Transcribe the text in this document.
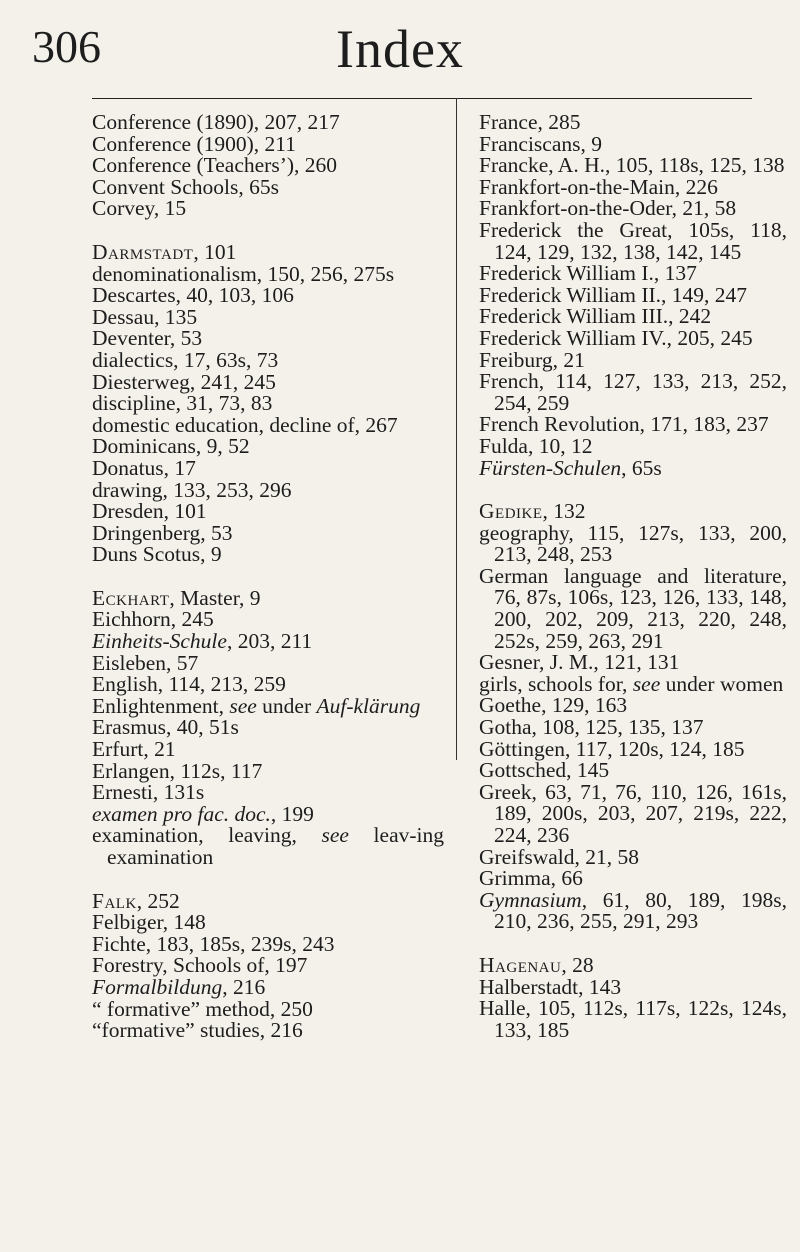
306	Index

Conference (1890), 207, 217

Conference (1900), 211

Conference (Teachers’), 260

Convent Schools, 65s

Corvey, 15

Darmstadt, 101

denominationalism, 150, 256, 275s

Descartes, 40, 103, 106

Dessau, 135

Deventer, 53

dialectics, 17, 63s, 73

Diesterweg, 241, 245

discipline, 31, 73, 83

domestic education, decline of, 267

Dominicans, 9, 52

Donatus, 17

drawing, 133, 253, 296

Dresden, 101

Dringenberg, 53

Duns Scotus, 9

Eckhart, Master, 9

Eichhorn, 245

Einheits-Schule, 203, 211

Eisleben, 57

English, 114, 213, 259

Enlightenment, see under Auf-klärung

Erasmus, 40, 51s

Erfurt, 21

Erlangen, 112s, 117

Ernesti, 131s

examen pro fac. doc., 199

examination, leaving, see leav-ing examination

Falk, 252

Felbiger, 148

Fichte, 183, 185s, 239s, 243

Forestry, Schools of, 197

Formalbildung, 216

“ formative” method, 250

“formative” studies, 216

France, 285

Franciscans, 9

Francke, A. H., 105, 118s, 125, 138

Frankfort-on-the-Main, 226

Frankfort-on-the-Oder, 21, 58

Frederick the Great, 105s, 118, 124, 129, 132, 138, 142, 145

Frederick William I., 137

Frederick William II., 149, 247

Frederick William III., 242

Frederick William IV., 205, 245

Freiburg, 21

French, 114, 127, 133, 213, 252, 254, 259

French Revolution, 171, 183, 237

Fulda, 10, 12

Fürsten-Schulen, 65s

Gedike, 132

geography, 115, 127s, 133, 200, 213, 248, 253

German language and literature, 76, 87s, 106s, 123, 126, 133, 148, 200, 202, 209, 213, 220, 248, 252s, 259, 263, 291

Gesner, J. M., 121, 131

girls, schools for, see under women

Goethe, 129, 163

Gotha, 108, 125, 135, 137

Göttingen, 117, 120s, 124, 185

Gottsched, 145

Greek, 63, 71, 76, 110, 126, 161s, 189, 200s, 203, 207, 219s, 222, 224, 236

Greifswald, 21, 58

Grimma, 66

Gymnasium, 61, 80, 189, 198s, 210, 236, 255, 291, 293

Hagenau, 28

Halberstadt, 143

Halle, 105, 112s, 117s, 122s, 124s, 133, 185
